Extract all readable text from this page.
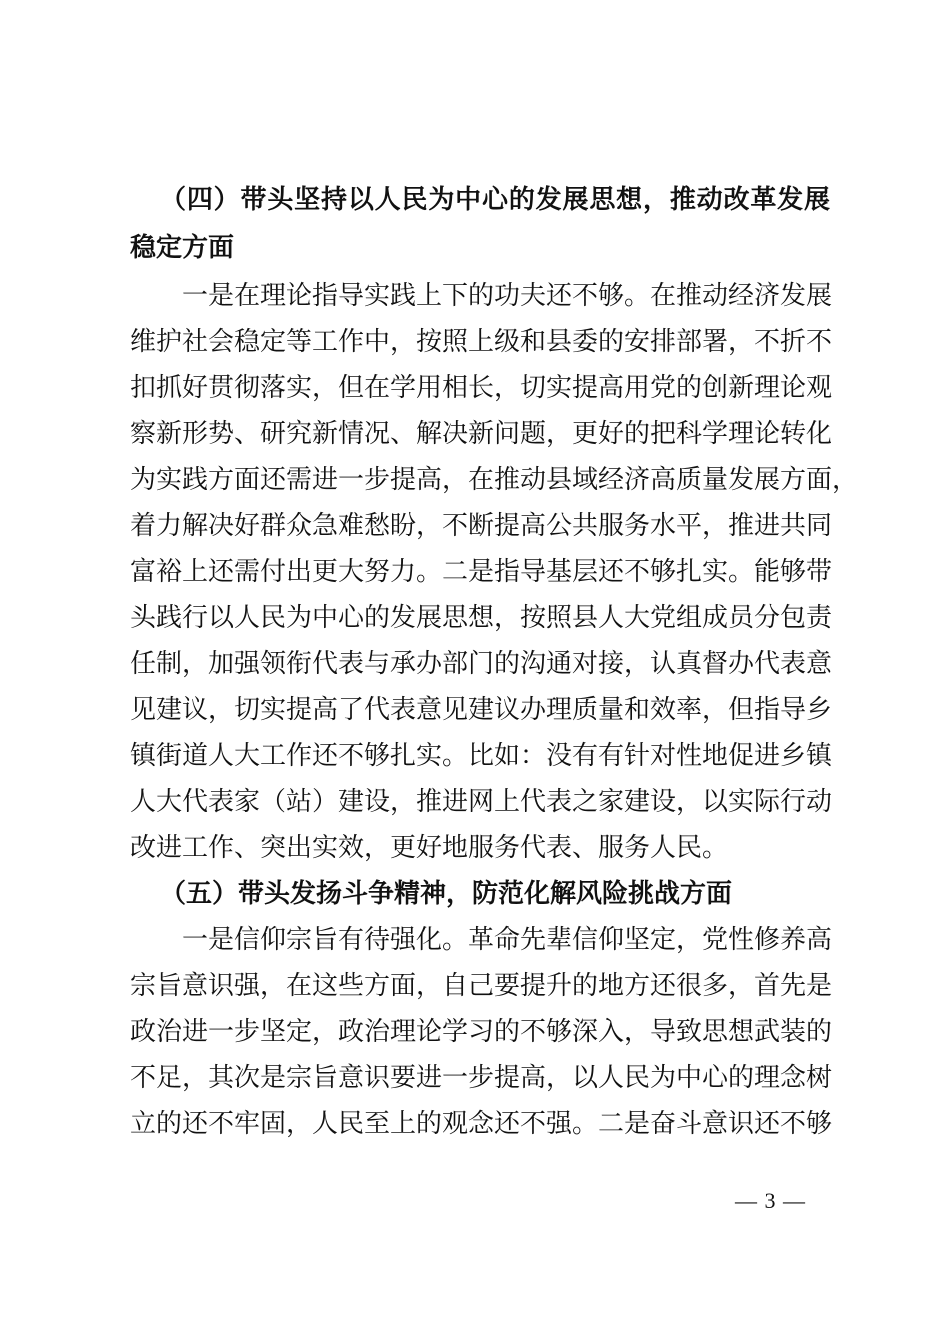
（四）带头坚持以人民为中心的发展思想，推动改革发展
稳定方面
一是在理论指导实践上下的功夫还不够。在推动经济发展
维护社会稳定等工作中，按照上级和县委的安排部署，不折不
扣抓好贯彻落实，但在学用相长，切实提高用党的创新理论观
察新形势、研究新情况、解决新问题，更好的把科学理论转化
为实践方面还需进一步提高，在推动县域经济高质量发展方面，
着力解决好群众急难愁盼，不断提高公共服务水平，推进共同
富裕上还需付出更大努力。二是指导基层还不够扎实。能够带
头践行以人民为中心的发展思想，按照县人大党组成员分包责
任制，加强领衔代表与承办部门的沟通对接，认真督办代表意
见建议，切实提高了代表意见建议办理质量和效率，但指导乡
镇街道人大工作还不够扎实。比如：没有有针对性地促进乡镇
人大代表家（站）建设，推进网上代表之家建设，以实际行动
改进工作、突出实效，更好地服务代表、服务人民。
（五）带头发扬斗争精神，防范化解风险挑战方面
一是信仰宗旨有待强化。革命先辈信仰坚定，党性修养高
宗旨意识强，在这些方面，自己要提升的地方还很多，首先是
政治进一步坚定，政治理论学习的不够深入，导致思想武装的
不足，其次是宗旨意识要进一步提高，以人民为中心的理念树
立的还不牢固，人民至上的观念还不强。二是奋斗意识还不够
— 3 —
